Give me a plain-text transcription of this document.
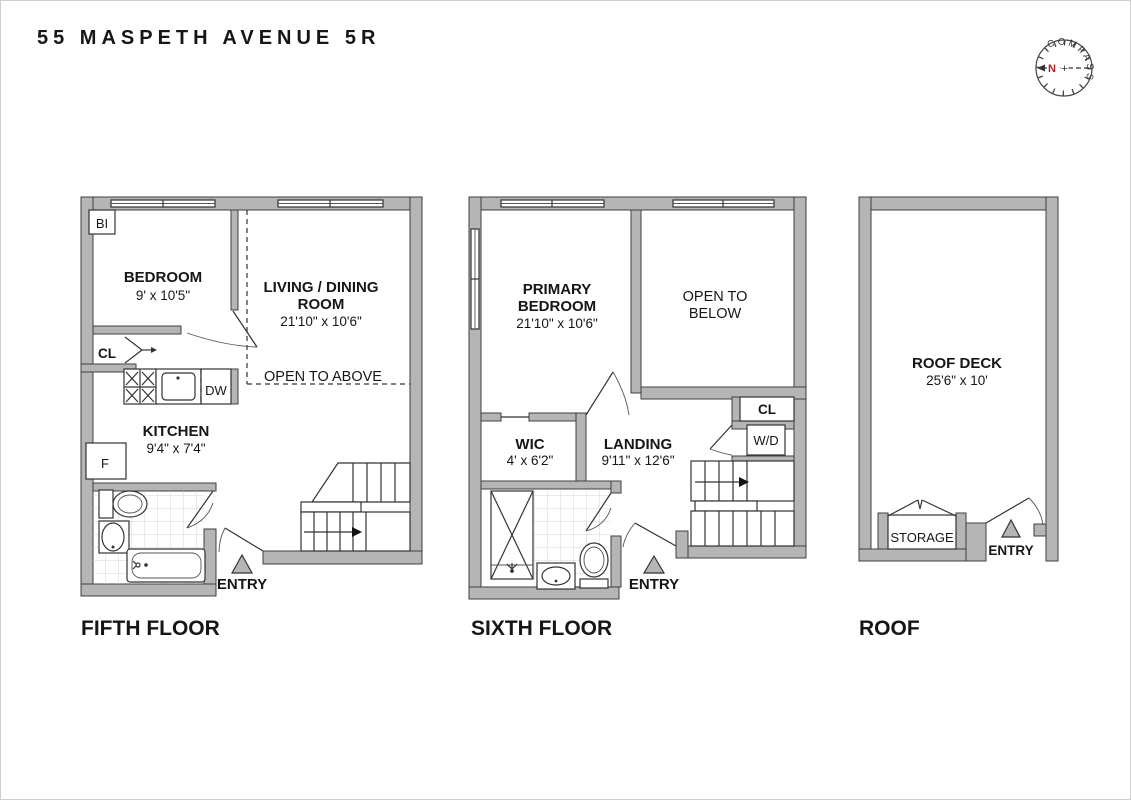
55 MASPETH AVENUE 5R	COMPASS
N +
BI
CL
DW
F
ENTRY
BEDROOM
9' x 10'5"	LIVING / DINING
ROOM
21'10" x 10'6"
OPEN TO ABOVE
KITCHEN
9'4" x 7'4"
FIFTH FLOOR
CL
W/D
ENTRY
PRIMARY
BEDROOM
21'10" x 10'6"
OPEN TO
BELOW
WIC
4' x 6'2"
LANDING
9'11" x 12'6"
SIXTH FLOOR
STORAGE
ENTRY
ROOF DECK
25'6" x 10'
ROOF
